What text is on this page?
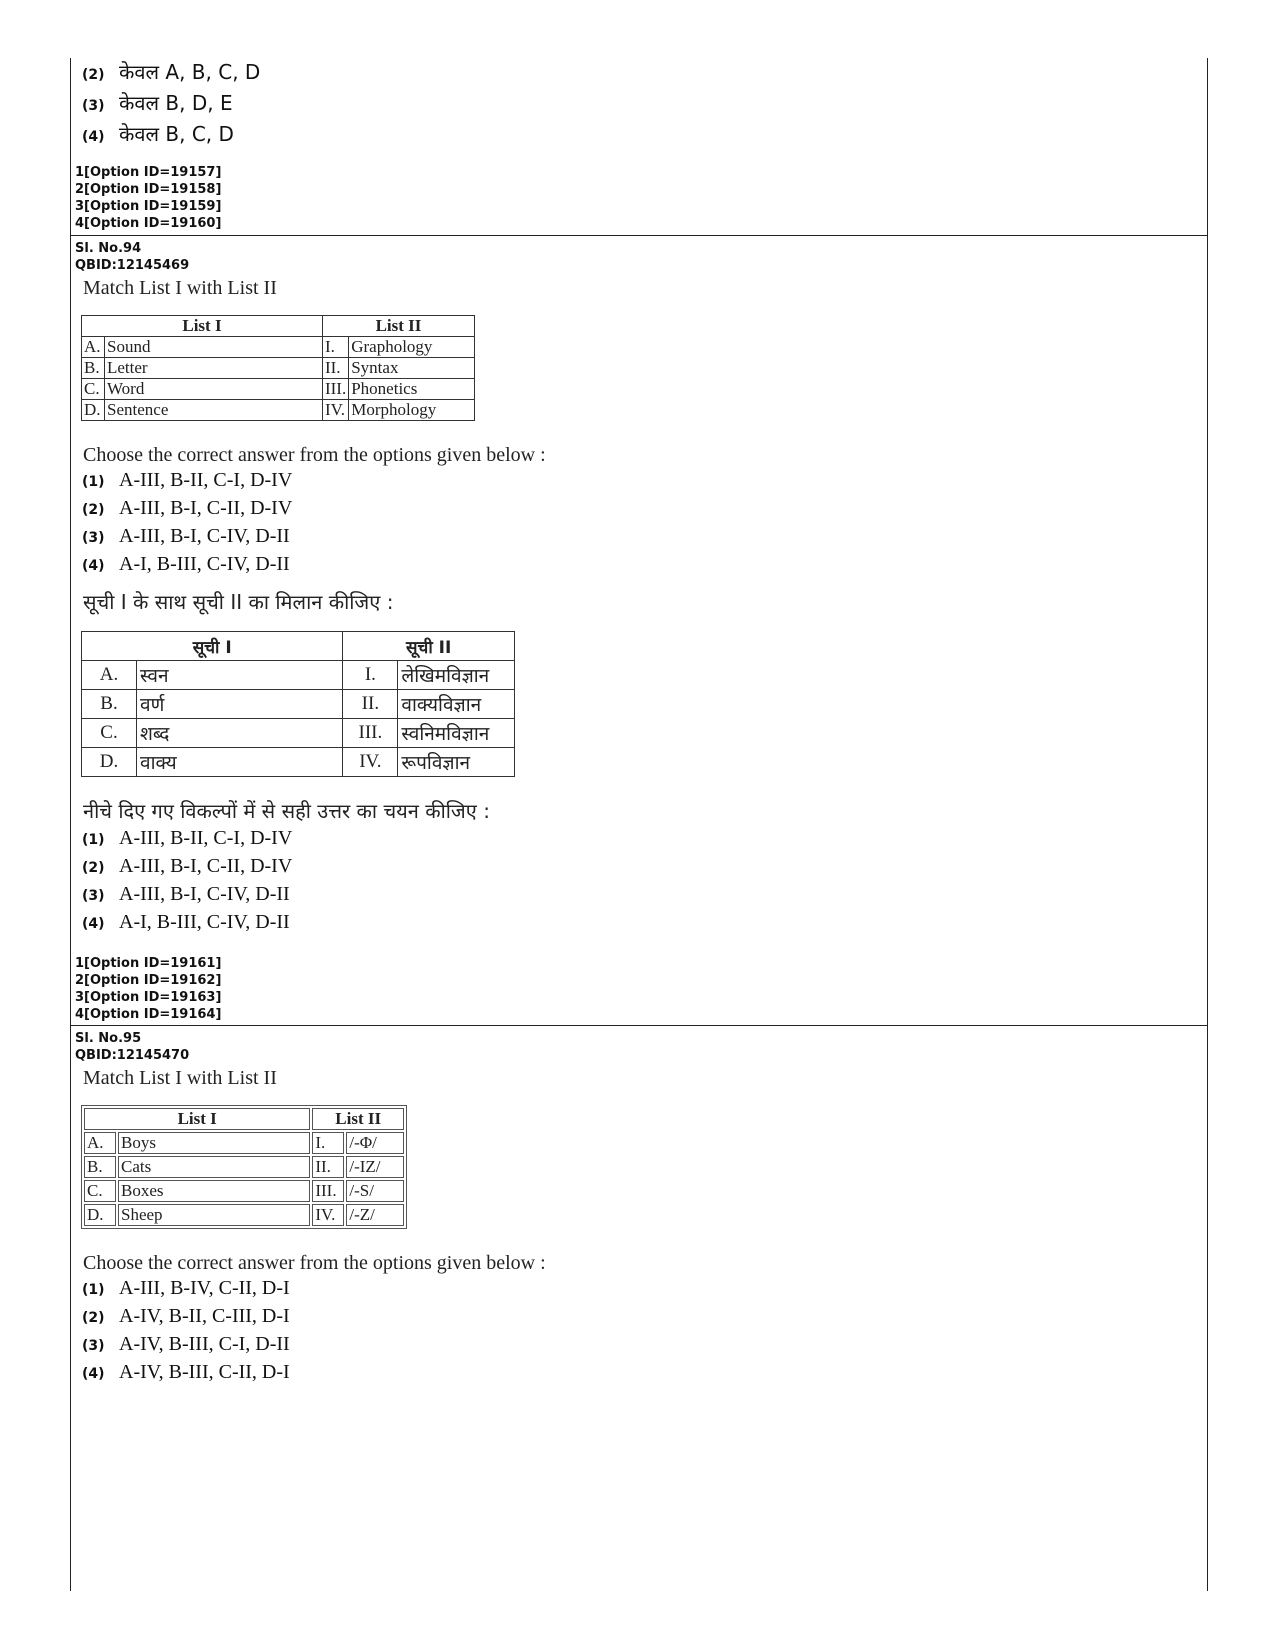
(2) केवल A, B, C, D
(3) केवल B, D, E
(4) केवल B, C, D
1[Option ID=19157]
2[Option ID=19158]
3[Option ID=19159]
4[Option ID=19160]
Sl. No.94
QBID:12145469
Match List I with List II
List I		List II	
A.	Sound	I.	Graphology
B.	Letter	II.	Syntax
C.	Word	III.	Phonetics
D.	Sentence	IV.	Morphology
Choose the correct answer from the options given below :
(1) A-III, B-II, C-I, D-IV
(2) A-III, B-I, C-II, D-IV
(3) A-III, B-I, C-IV, D-II
(4) A-I, B-III, C-IV, D-II
सूची I के साथ सूची II का मिलान कीजिए :
सूची I		सूची II	
A.	स्वन	I.	लेखिमविज्ञान
B.	वर्ण	II.	वाक्यविज्ञान
C.	शब्द	III.	स्वनिमविज्ञान
D.	वाक्य	IV.	रूपविज्ञान
नीचे दिए गए विकल्पों में से सही उत्तर का चयन कीजिए :
(1) A-III, B-II, C-I, D-IV
(2) A-III, B-I, C-II, D-IV
(3) A-III, B-I, C-IV, D-II
(4) A-I, B-III, C-IV, D-II
1[Option ID=19161]
2[Option ID=19162]
3[Option ID=19163]
4[Option ID=19164]
Sl. No.95
QBID:12145470
Match List I with List II
List I		List II	
A.	Boys	I.	/-Φ/
B.	Cats	II.	/-IZ/
C.	Boxes	III.	/-S/
D.	Sheep	IV.	/-Z/
Choose the correct answer from the options given below :
(1) A-III, B-IV, C-II, D-I
(2) A-IV, B-II, C-III, D-I
(3) A-IV, B-III, C-I, D-II
(4) A-IV, B-III, C-II, D-I
